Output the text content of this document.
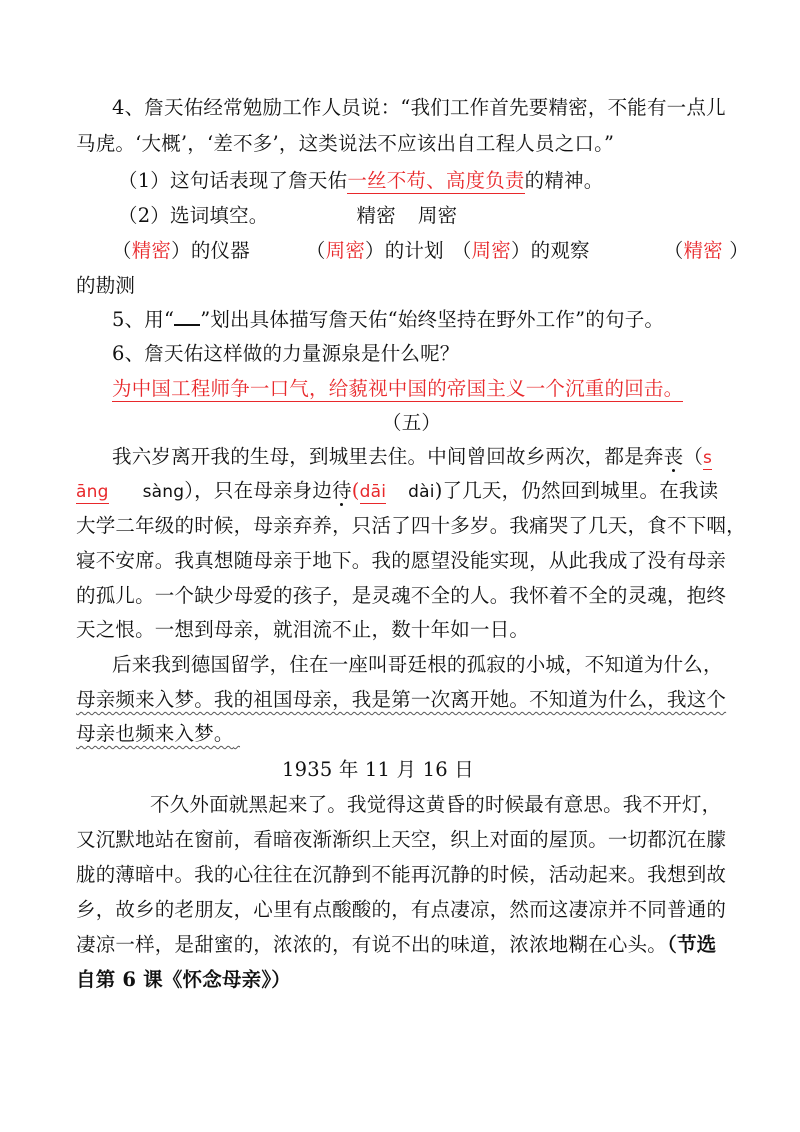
4、詹天佑经常勉励工作人员说：“我们工作首先要精密，不能有一点儿
马虎。‘大概’，‘差不多’，这类说法不应该出自工程人员之口。”
（1）这句话表现了詹天佑一丝不苟、高度负责的精神。
（2）选词填空。	精密 周密
（精密）的仪器	（周密）的计划 （周密）的观察	（精密 ）
的勘测
5、用“ ”划出具体描写詹天佑“始终坚持在野外工作”的句子。
6、詹天佑这样做的力量源泉是什么呢？
为中国工程师争一口气，给藐视中国的帝国主义一个沉重的回击。
（五）
我六岁离开我的生母，到城里去住。中间曾回故乡两次，都是奔丧（s
āng sàng），只在母亲身边待(dāi dài)了几天，仍然回到城里。在我读
大学二年级的时候，母亲弃养，只活了四十多岁。我痛哭了几天，食不下咽，
寝不安席。我真想随母亲于地下。我的愿望没能实现，从此我成了没有母亲
的孤儿。一个缺少母爱的孩子，是灵魂不全的人。我怀着不全的灵魂，抱终
天之恨。一想到母亲，就泪流不止，数十年如一日。
后来我到德国留学，住在一座叫哥廷根的孤寂的小城，不知道为什么，
母亲频来入梦。我的祖国母亲，我是第一次离开她。不知道为什么，我这个
母亲也频来入梦。
1935 年 11 月 16 日
不久外面就黑起来了。我觉得这黄昏的时候最有意思。我不开灯，
又沉默地站在窗前，看暗夜渐渐织上天空，织上对面的屋顶。一切都沉在朦
胧的薄暗中。我的心往往在沉静到不能再沉静的时候，活动起来。我想到故
乡，故乡的老朋友，心里有点酸酸的，有点凄凉，然而这凄凉并不同普通的
凄凉一样，是甜蜜的，浓浓的，有说不出的味道，浓浓地糊在心头。（节选
自第 6 课《怀念母亲》）
